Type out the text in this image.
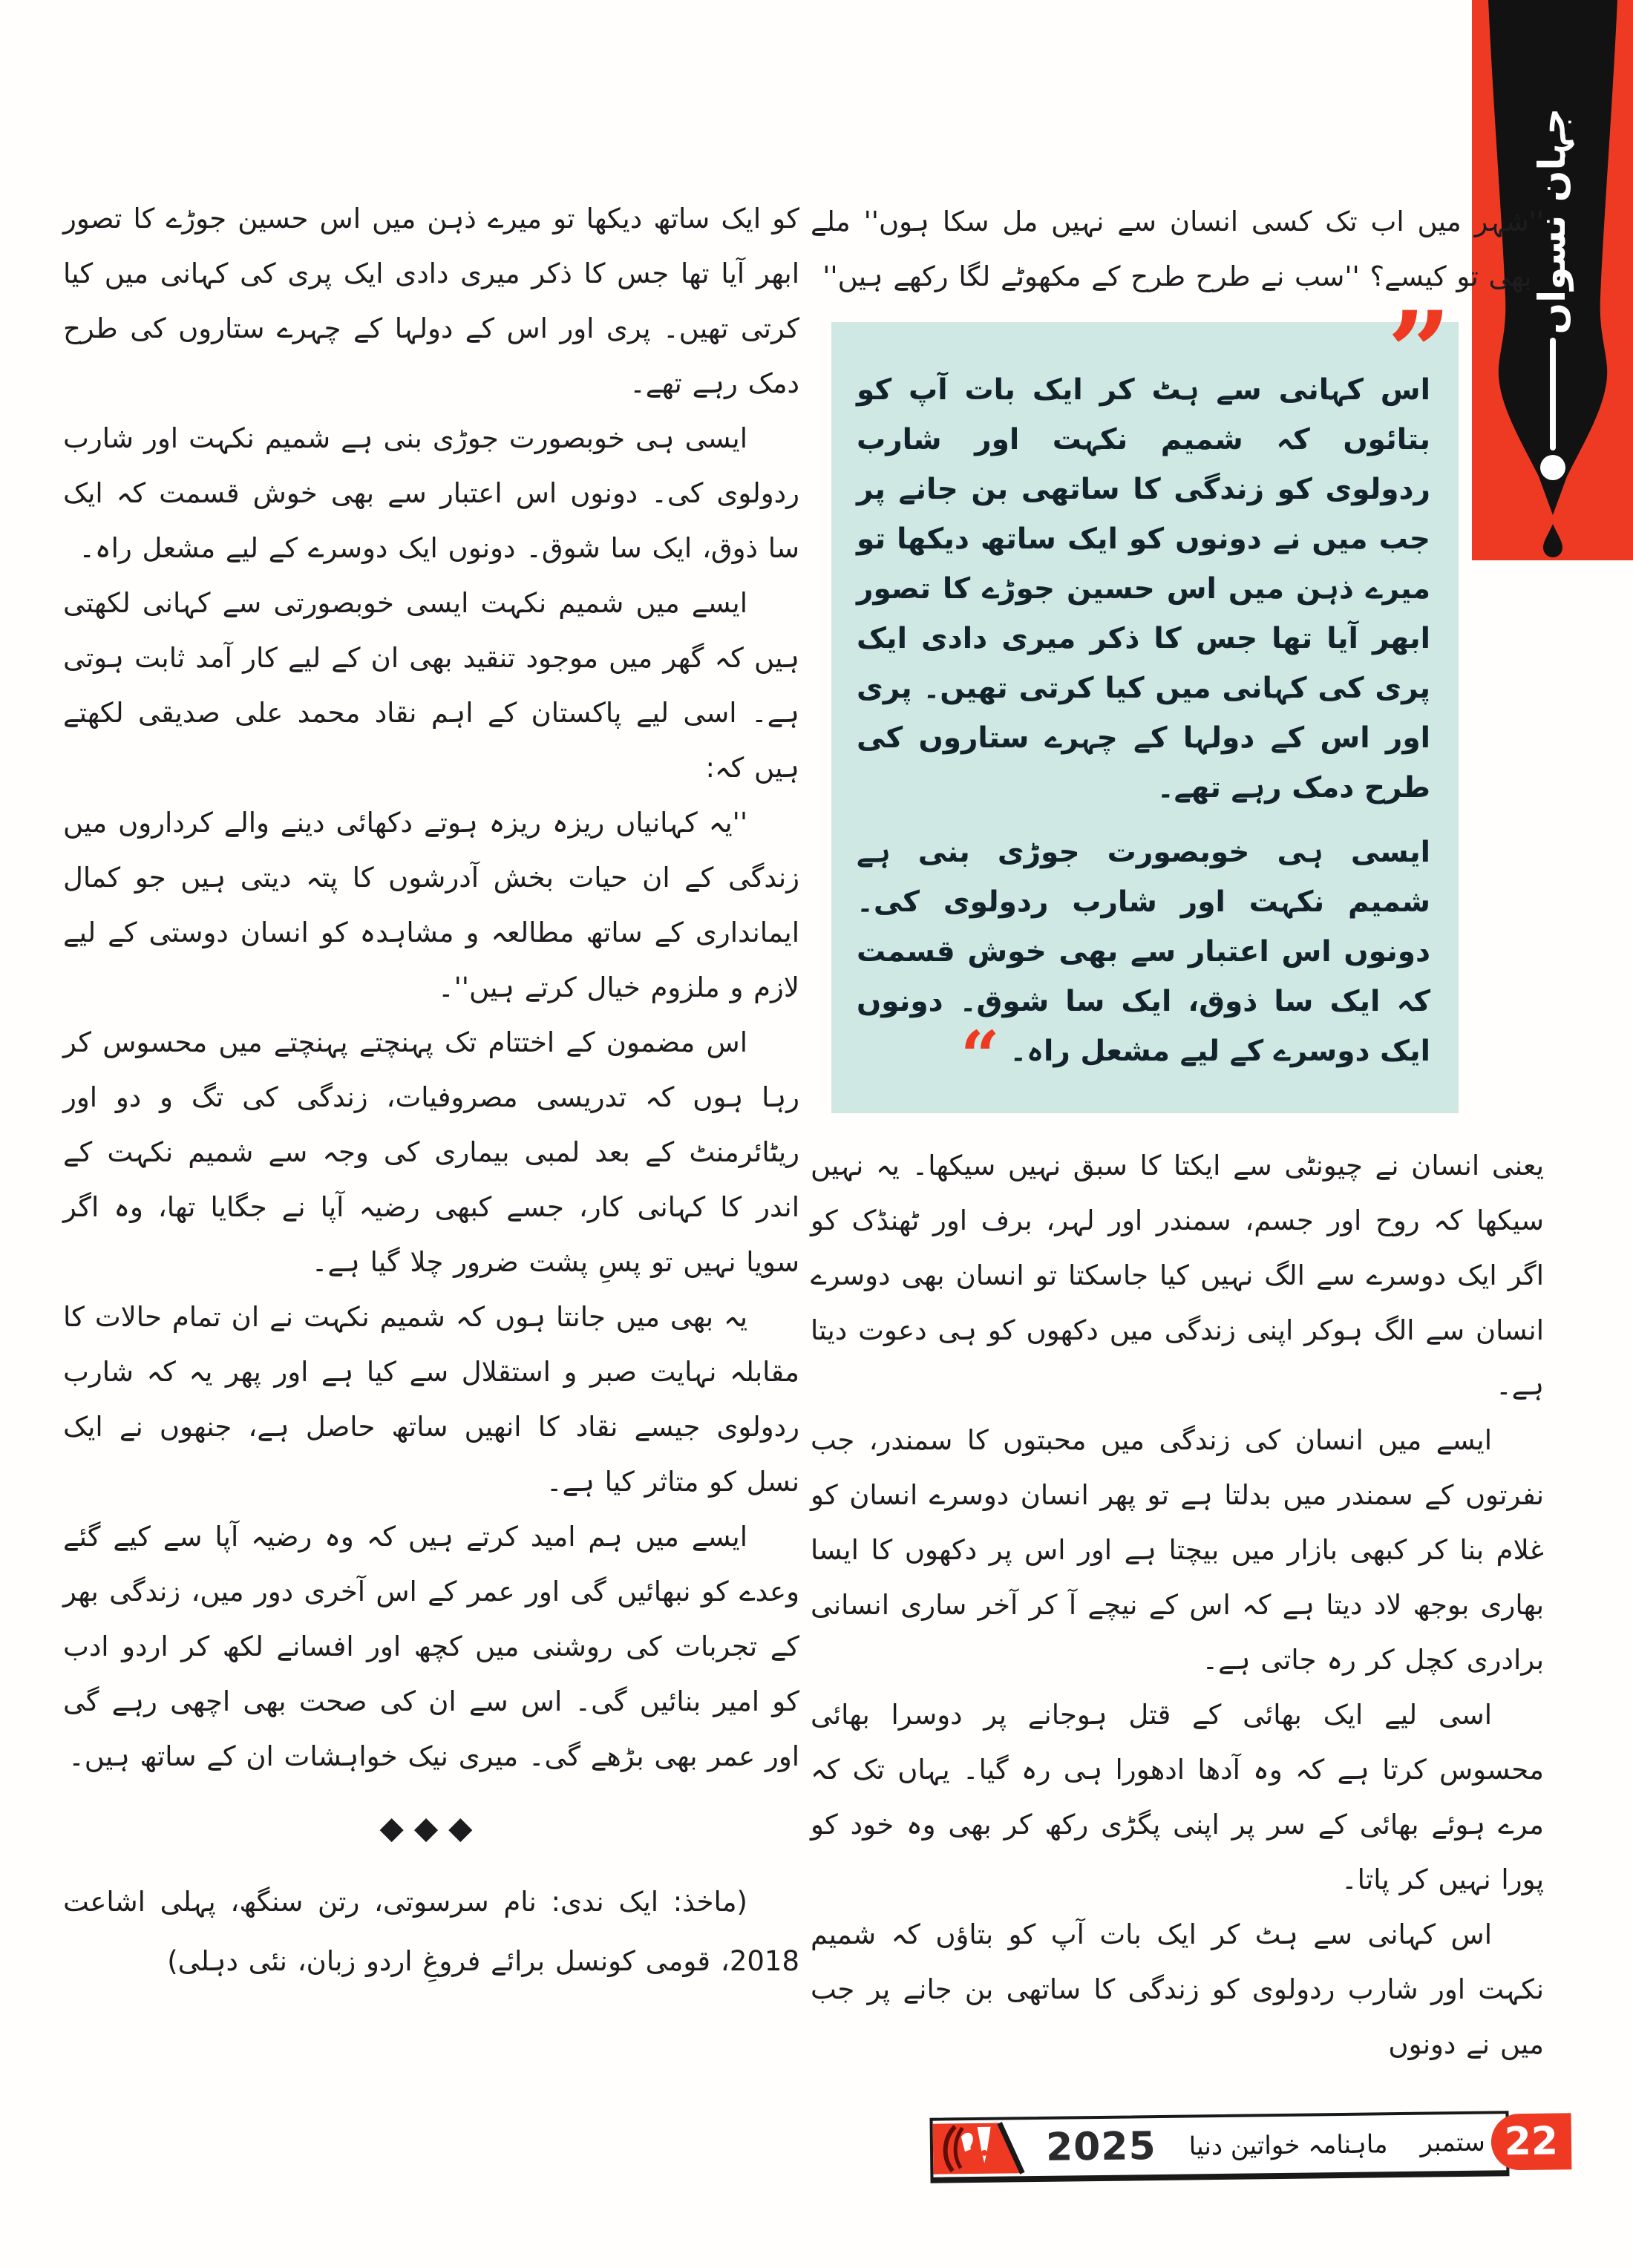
جہان نسواں

کو ایک ساتھ دیکھا تو میرے ذہن میں اس حسین جوڑے کا تصور ابھر آیا تھا جس کا ذکر میری دادی ایک پری کی کہانی میں کیا کرتی تھیں۔ پری اور اس کے دولہا کے چہرے ستاروں کی طرح دمک رہے تھے۔

ایسی ہی خوبصورت جوڑی بنی ہے شمیم نکہت اور شارب ردولوی کی۔ دونوں اس اعتبار سے بھی خوش قسمت کہ ایک سا ذوق، ایک سا شوق۔ دونوں ایک دوسرے کے لیے مشعل راہ۔

ایسے میں شمیم نکہت ایسی خوبصورتی سے کہانی لکھتی ہیں کہ گھر میں موجود تنقید بھی ان کے لیے کار آمد ثابت ہوتی ہے۔ اسی لیے پاکستان کے اہم نقاد محمد علی صدیقی لکھتے ہیں کہ:

''یہ کہانیاں ریزہ ریزہ ہوتے دکھائی دینے والے کرداروں میں زندگی کے ان حیات بخش آدرشوں کا پتہ دیتی ہیں جو کمال ایمانداری کے ساتھ مطالعہ و مشاہدہ کو انسان دوستی کے لیے لازم و ملزوم خیال کرتے ہیں''۔

اس مضمون کے اختتام تک پہنچتے پہنچتے میں محسوس کر رہا ہوں کہ تدریسی مصروفیات، زندگی کی تگ و دو اور ریٹائرمنٹ کے بعد لمبی بیماری کی وجہ سے شمیم نکہت کے اندر کا کہانی کار، جسے کبھی رضیہ آپا نے جگایا تھا، وہ اگر سویا نہیں تو پسِ پشت ضرور چلا گیا ہے۔

یہ بھی میں جانتا ہوں کہ شمیم نکہت نے ان تمام حالات کا مقابلہ نہایت صبر و استقلال سے کیا ہے اور پھر یہ کہ شارب ردولوی جیسے نقاد کا انھیں ساتھ حاصل ہے، جنھوں نے ایک نسل کو متاثر کیا ہے۔

ایسے میں ہم امید کرتے ہیں کہ وہ رضیہ آپا سے کیے گئے وعدے کو نبھائیں گی اور عمر کے اس آخری دور میں، زندگی بھر کے تجربات کی روشنی میں کچھ اور افسانے لکھ کر اردو ادب کو امیر بنائیں گی۔ اس سے ان کی صحت بھی اچھی رہے گی اور عمر بھی بڑھے گی۔ میری نیک خواہشات ان کے ساتھ ہیں۔

◆◆◆

(ماخذ: ایک ندی: نام سرسوتی، رتن سنگھ، پہلی اشاعت 2018، قومی کونسل برائے فروغِ اردو زبان، نئی دہلی)

''شہر میں اب تک کسی انسان سے نہیں مل سکا ہوں'' ملے بھی تو کیسے؟ ''سب نے طرح طرح کے مکھوٹے لگا رکھے ہیں''

”

اس کہانی سے ہٹ کر ایک بات آپ کو بتائوں کہ شمیم نکہت اور شارب ردولوی کو زندگی کا ساتھی بن جانے پر جب میں نے دونوں کو ایک ساتھ دیکھا تو میرے ذہن میں اس حسین جوڑے کا تصور ابھر آیا تھا جس کا ذکر میری دادی ایک پری کی کہانی میں کیا کرتی تھیں۔ پری اور اس کے دولہا کے چہرے ستاروں کی طرح دمک رہے تھے۔

ایسی ہی خوبصورت جوڑی بنی ہے شمیم نکہت اور شارب ردولوی کی۔ دونوں اس اعتبار سے بھی خوش قسمت کہ ایک سا ذوق، ایک سا شوق۔ دونوں ایک دوسرے کے لیے مشعل راہ۔ “

یعنی انسان نے چیونٹی سے ایکتا کا سبق نہیں سیکھا۔ یہ نہیں سیکھا کہ روح اور جسم، سمندر اور لہر، برف اور ٹھنڈک کو اگر ایک دوسرے سے الگ نہیں کیا جاسکتا تو انسان بھی دوسرے انسان سے الگ ہوکر اپنی زندگی میں دکھوں کو ہی دعوت دیتا ہے۔

ایسے میں انسان کی زندگی میں محبتوں کا سمندر، جب نفرتوں کے سمندر میں بدلتا ہے تو پھر انسان دوسرے انسان کو غلام بنا کر کبھی بازار میں بیچتا ہے اور اس پر دکھوں کا ایسا بھاری بوجھ لاد دیتا ہے کہ اس کے نیچے آ کر آخر ساری انسانی برادری کچل کر رہ جاتی ہے۔

اسی لیے ایک بھائی کے قتل ہوجانے پر دوسرا بھائی محسوس کرتا ہے کہ وہ آدھا ادھورا ہی رہ گیا۔ یہاں تک کہ مرے ہوئے بھائی کے سر پر اپنی پگڑی رکھ کر بھی وہ خود کو پورا نہیں کر پاتا۔

اس کہانی سے ہٹ کر ایک بات آپ کو بتاؤں کہ شمیم نکہت اور شارب ردولوی کو زندگی کا ساتھی بن جانے پر جب میں نے دونوں

2025 ماہنامہ خواتین دنیا ستمبر 22
